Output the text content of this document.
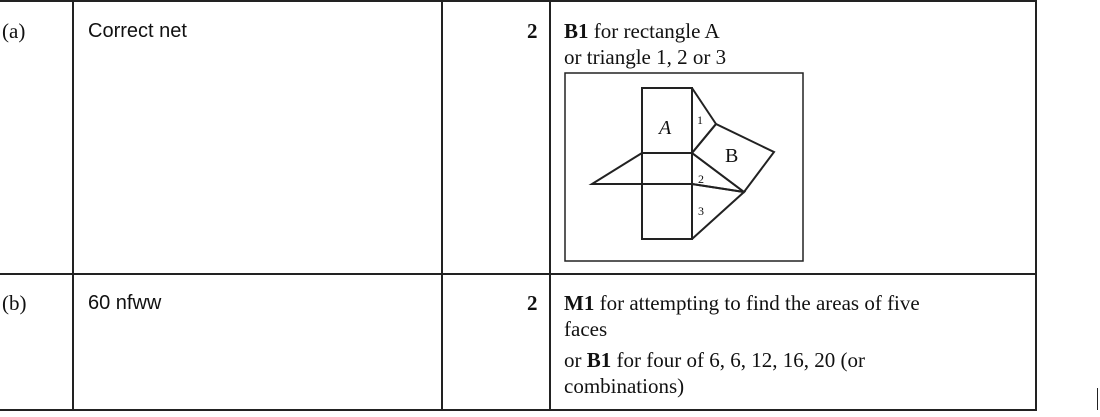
(a)	Correct net	2 B1 for rectangle A
or triangle 1, 2 or 3
A 1
B
2
3
(b)	60 nfww	2 M1 for attempting to find the areas of five
faces
or B1 for four of 6, 6, 12, 16, 20 (or
combinations)
